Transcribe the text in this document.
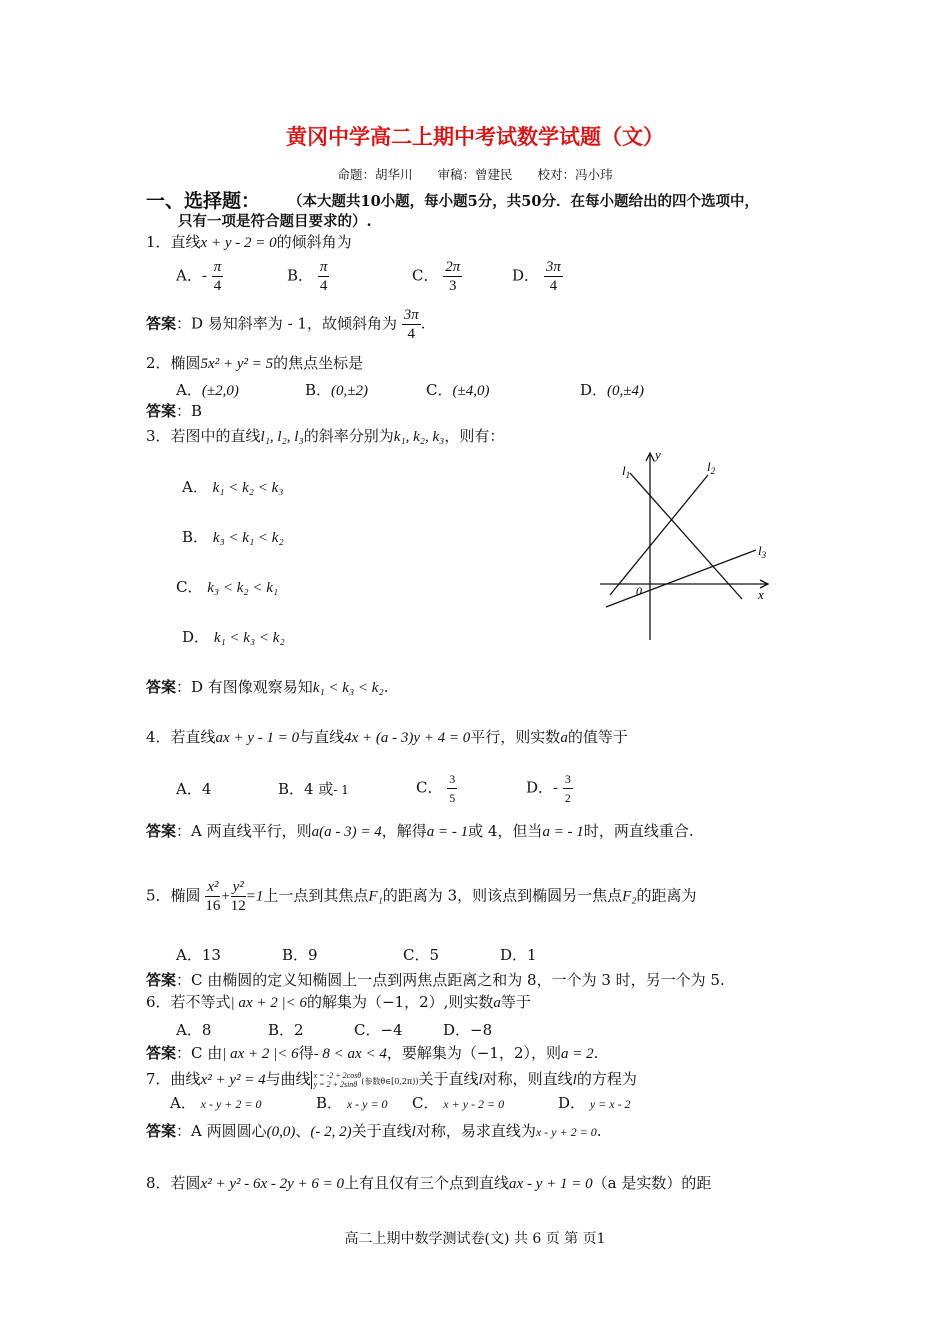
黄冈中学高二上期中考试数学试题（文）
命题：胡华川　　审稿：曾建民　　校对：冯小玮
一、选择题： （本大题共10小题，每小题5分，共50分．在每小题给出的四个选项中，
只有一项是符合题目要求的）.
1．直线x + y - 2 = 0的倾斜角为
A．- $\frac{\pi}{4}$	B． $\frac{\pi}{4}$	C． $\frac{2\pi}{3}$	D． $\frac{3\pi}{4}$
答案：D 易知斜率为 - 1，故倾斜角为 $\frac{3\pi}{4}$ .
2．椭圆5x² + y² = 5的焦点坐标是
A．(±2,0)	B．(0,±2)	C．(±4,0)	D．(0,±4)
答案：B
3．若图中的直线l₁, l₂, l₃的斜率分别为k₁, k₂, k₃，则有：
A． k₁ < k₂ < k₃
B． k₃ < k₁ < k₂
C． k₃ < k₂ < k₁
D． k₁ < k₃ < k₂
$l_1$
$l_2$
$l_3$
y
x
0
答案：D 有图像观察易知k₁ < k₃ < k₂.
4．若直线ax + y - 1 = 0与直线4x + (a - 3)y + 4 = 0平行，则实数a的值等于
A．4	B．4 或- 1	C． $\frac{3}{5}$	D．- $\frac{3}{2}$
答案：A 两直线平行，则a(a - 3) = 4，解得a = - 1或 4，但当a = - 1时，两直线重合.
5．椭圆 $\frac{\text{x²}}{16} + \frac{\text{y²}}{12} =1$上一点到其焦点F₁的距离为 3，则该点到椭圆另一焦点F₂的距离为
A．13	B．9	C．5	D．1
答案：C 由椭圆的定义知椭圆上一点到两焦点距离之和为 8，一个为 3 时，另一个为 5.
6．若不等式| ax + 2 |< 6的解集为（−1，2）,则实数a等于
A．8	B．2	C．−4	D．−8
答案：C 由| ax + 2 |< 6得- 8 < ax < 4，要解集为（−1，2），则a = 2.
7．曲线x² + y² = 4与曲线 x = -2 + 2cosθ
y = 2 + 2sinθ (参数θ∈[0,2π))关于直线l对称，则直线l的方程为
A． x - y + 2 = 0	B． x - y = 0 C． x + y - 2 = 0	D． y = x - 2
答案：A 两圆圆心(0,0)、(- 2, 2)关于直线l对称，易求直线为x - y + 2 = 0.
8．若圆x² + y² - 6x - 2y + 6 = 0上有且仅有三个点到直线ax - y + 1 = 0（a 是实数）的距
高二上期中数学测试卷(文) 共 6 页 第 页1
